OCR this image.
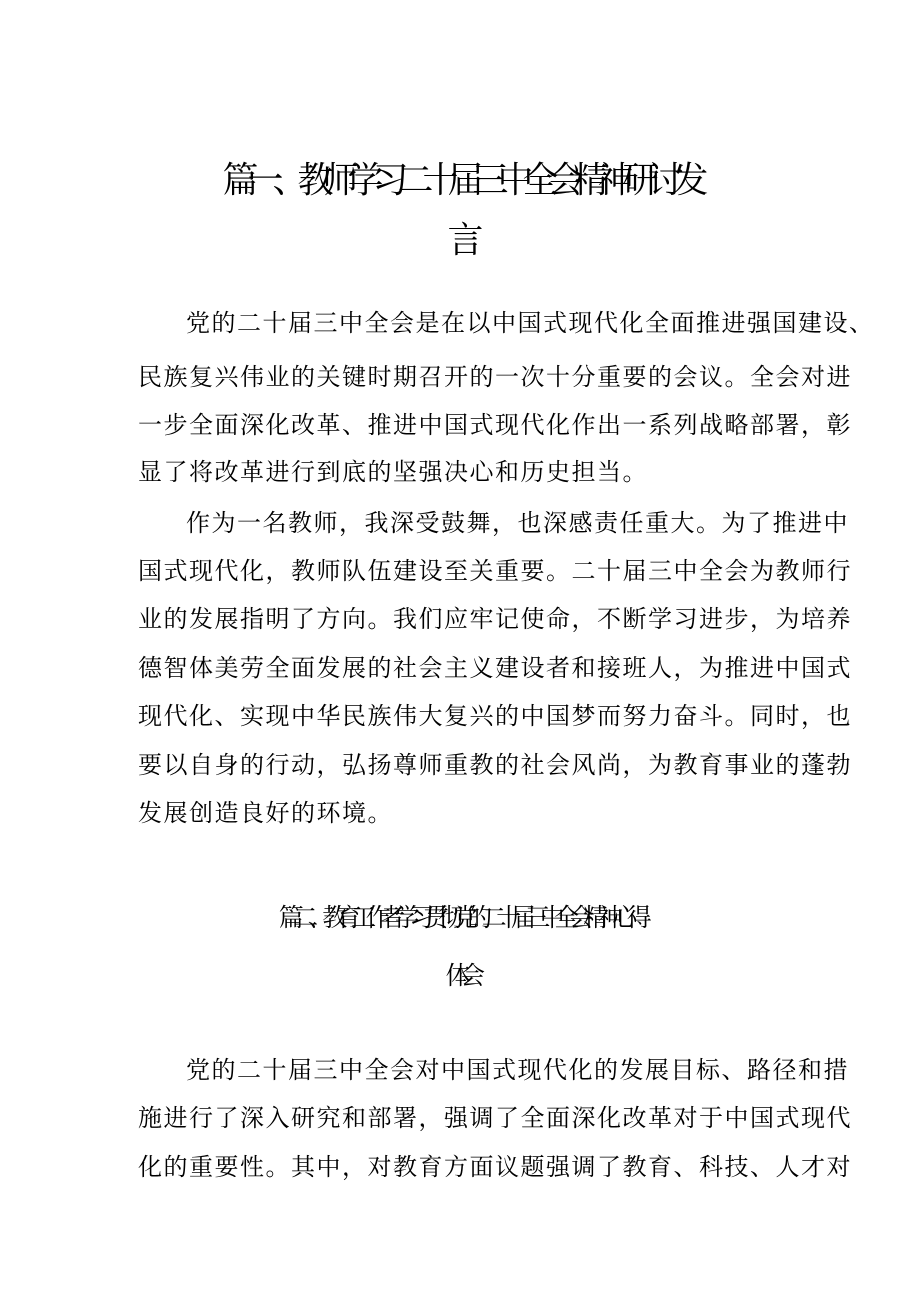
篇一、教师学习二十届三中全会精神研讨发
言
党的二十届三中全会是在以中国式现代化全面推进强国建设、
民族复兴伟业的关键时期召开的一次十分重要的会议。全会对进
一步全面深化改革、推进中国式现代化作出一系列战略部署，彰
显了将改革进行到底的坚强决心和历史担当。
作为一名教师，我深受鼓舞，也深感责任重大。为了推进中
国式现代化，教师队伍建设至关重要。二十届三中全会为教师行
业的发展指明了方向。我们应牢记使命，不断学习进步，为培养
德智体美劳全面发展的社会主义建设者和接班人，为推进中国式
现代化、实现中华民族伟大复兴的中国梦而努力奋斗。同时，也
要以自身的行动，弘扬尊师重教的社会风尚，为教育事业的蓬勃
发展创造良好的环境。
篇二、教育工作者学习贯彻党的二十届三中全会精神心得
体会
党的二十届三中全会对中国式现代化的发展目标、路径和措
施进行了深入研究和部署，强调了全面深化改革对于中国式现代
化的重要性。其中，对教育方面议题强调了教育、科技、人才对
